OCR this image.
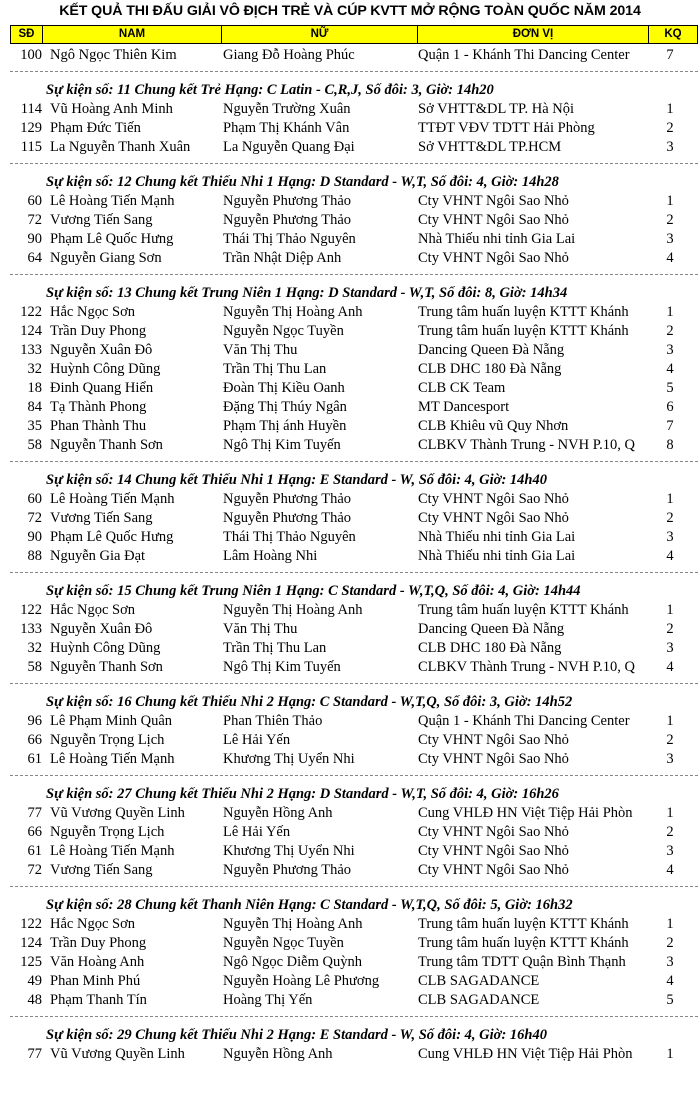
KẾT QUẢ THI ĐẤU GIẢI VÔ ĐỊCH TRẺ VÀ CÚP KVTT MỞ RỘNG TOÀN QUỐC NĂM 2014
SĐ	NAM	NỮ	ĐƠN VỊ	KQ
100 Ngô Ngọc Thiên Kim	Giang Đỗ Hoàng Phúc	Quận 1 - Khánh Thi Dancing Center	7
Sự kiện số: 11 Chung kết Trẻ Hạng: C Latin - C,R,J, Số đôi: 3, Giờ: 14h20
114 Vũ Hoàng Anh Minh	Nguyễn Trường Xuân	Sở VHTT&DL TP. Hà Nội	1
129 Phạm Đức Tiến	Phạm Thị Khánh Vân	TTĐT VĐV TDTT Hải Phòng	2
115 La Nguyễn Thanh Xuân	La Nguyễn Quang Đại	Sở VHTT&DL TP.HCM	3
Sự kiện số: 12 Chung kết Thiếu Nhi 1 Hạng: D Standard - W,T, Số đôi: 4, Giờ: 14h28
60 Lê Hoàng Tiến Mạnh	Nguyễn Phương Thảo	Cty VHNT Ngôi Sao Nhỏ	1
72 Vương Tiến Sang	Nguyễn Phương Thảo	Cty VHNT Ngôi Sao Nhỏ	2
90 Phạm Lê Quốc Hưng	Thái Thị Thảo Nguyên	Nhà Thiếu nhi tỉnh Gia Lai	3
64 Nguyễn Giang Sơn	Trần Nhật Diệp Anh	Cty VHNT Ngôi Sao Nhỏ	4
Sự kiện số: 13 Chung kết Trung Niên 1 Hạng: D Standard - W,T, Số đôi: 8, Giờ: 14h34
122 Hắc Ngọc Sơn	Nguyễn Thị Hoàng Anh	Trung tâm huấn luyện KTTT Khánh	1
124 Trần Duy Phong	Nguyễn Ngọc Tuyền	Trung tâm huấn luyện KTTT Khánh	2
133 Nguyễn Xuân Đô	Văn Thị Thu	Dancing Queen Đà Nẵng	3
32 Huỳnh Công Dũng	Trần Thị Thu Lan	CLB DHC 180 Đà Nẵng	4
18 Đinh Quang Hiển	Đoàn Thị Kiều Oanh	CLB CK Team	5
84 Tạ Thành Phong	Đặng Thị Thúy Ngân	MT Dancesport	6
35 Phan Thành Thu	Phạm Thị ánh Huyền	CLB Khiêu vũ Quy Nhơn	7
58 Nguyễn Thanh Sơn	Ngô Thị Kim Tuyến	CLBKV Thành Trung - NVH P.10, Q	8
Sự kiện số: 14 Chung kết Thiếu Nhi 1 Hạng: E Standard - W, Số đôi: 4, Giờ: 14h40
60 Lê Hoàng Tiến Mạnh	Nguyễn Phương Thảo	Cty VHNT Ngôi Sao Nhỏ	1
72 Vương Tiến Sang	Nguyễn Phương Thảo	Cty VHNT Ngôi Sao Nhỏ	2
90 Phạm Lê Quốc Hưng	Thái Thị Thảo Nguyên	Nhà Thiếu nhi tỉnh Gia Lai	3
88 Nguyễn Gia Đạt	Lâm Hoàng Nhi	Nhà Thiếu nhi tỉnh Gia Lai	4
Sự kiện số: 15 Chung kết Trung Niên 1 Hạng: C Standard - W,T,Q, Số đôi: 4, Giờ: 14h44
122 Hắc Ngọc Sơn	Nguyễn Thị Hoàng Anh	Trung tâm huấn luyện KTTT Khánh	1
133 Nguyễn Xuân Đô	Văn Thị Thu	Dancing Queen Đà Nẵng	2
32 Huỳnh Công Dũng	Trần Thị Thu Lan	CLB DHC 180 Đà Nẵng	3
58 Nguyễn Thanh Sơn	Ngô Thị Kim Tuyến	CLBKV Thành Trung - NVH P.10, Q	4
Sự kiện số: 16 Chung kết Thiếu Nhi 2 Hạng: C Standard - W,T,Q, Số đôi: 3, Giờ: 14h52
96 Lê Phạm Minh Quân	Phan Thiên Thảo	Quận 1 - Khánh Thi Dancing Center	1
66 Nguyễn Trọng Lịch	Lê Hải Yến	Cty VHNT Ngôi Sao Nhỏ	2
61 Lê Hoàng Tiến Mạnh	Khương Thị Uyển Nhi	Cty VHNT Ngôi Sao Nhỏ	3
Sự kiện số: 27 Chung kết Thiếu Nhi 2 Hạng: D Standard - W,T, Số đôi: 4, Giờ: 16h26
77 Vũ Vương Quyền Linh	Nguyễn Hồng Anh	Cung VHLĐ HN Việt Tiệp Hải Phòn	1
66 Nguyễn Trọng Lịch	Lê Hải Yến	Cty VHNT Ngôi Sao Nhỏ	2
61 Lê Hoàng Tiến Mạnh	Khương Thị Uyển Nhi	Cty VHNT Ngôi Sao Nhỏ	3
72 Vương Tiến Sang	Nguyễn Phương Thảo	Cty VHNT Ngôi Sao Nhỏ	4
Sự kiện số: 28 Chung kết Thanh Niên Hạng: C Standard - W,T,Q, Số đôi: 5, Giờ: 16h32
122 Hắc Ngọc Sơn	Nguyễn Thị Hoàng Anh	Trung tâm huấn luyện KTTT Khánh	1
124 Trần Duy Phong	Nguyễn Ngọc Tuyền	Trung tâm huấn luyện KTTT Khánh	2
125 Văn Hoàng Anh	Ngô Ngọc Diễm Quỳnh	Trung tâm TDTT Quận Bình Thạnh	3
49 Phan Minh Phú	Nguyễn Hoàng Lê Phương	CLB SAGADANCE	4
48 Phạm Thanh Tín	Hoàng Thị Yến	CLB SAGADANCE	5
Sự kiện số: 29 Chung kết Thiếu Nhi 2 Hạng: E Standard - W, Số đôi: 4, Giờ: 16h40
77 Vũ Vương Quyền Linh	Nguyễn Hồng Anh	Cung VHLĐ HN Việt Tiệp Hải Phòn	1
